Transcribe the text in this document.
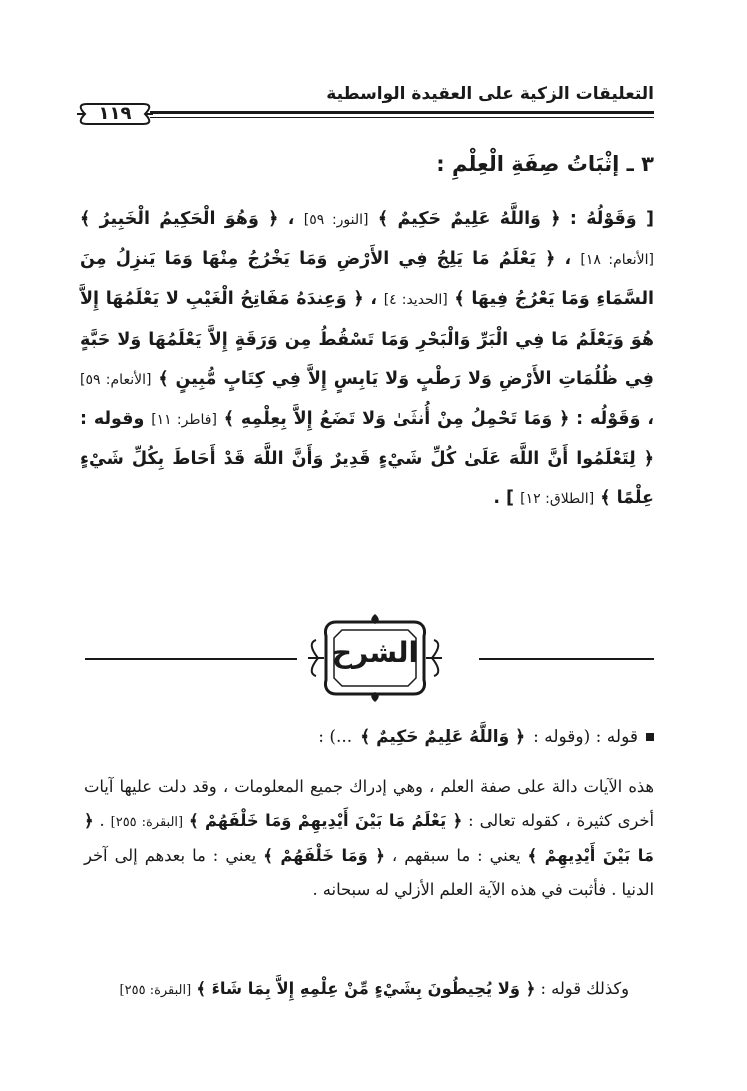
التعليقات الزكية على العقيدة الواسطية
١١٩
٣ ـ إثْبَاتُ صِفَةِ الْعِلْمِ :
[ وَقَوْلُهُ : ﴿ وَاللَّهُ عَلِيمٌ حَكِيمٌ ﴾ [النور: ٥٩] ، ﴿ وَهُوَ الْحَكِيمُ الْخَبِيرُ ﴾ [الأنعام: ١٨] ، ﴿ يَعْلَمُ مَا يَلِجُ فِي الأَرْضِ وَمَا يَخْرُجُ مِنْهَا وَمَا يَنزِلُ مِنَ السَّمَاءِ وَمَا يَعْرُجُ فِيهَا ﴾ [الحديد: ٤] ، ﴿ وَعِندَهُ مَفَاتِحُ الْغَيْبِ لا يَعْلَمُهَا إِلاَّ هُوَ وَيَعْلَمُ مَا فِي الْبَرِّ وَالْبَحْرِ وَمَا تَسْقُطُ مِن وَرَقَةٍ إِلاَّ يَعْلَمُهَا وَلا حَبَّةٍ فِي ظُلُمَاتِ الأَرْضِ وَلا رَطْبٍ وَلا يَابِسٍ إِلاَّ فِي كِتَابٍ مُّبِينٍ ﴾ [الأنعام: ٥٩] ، وَقَوْلُه : ﴿ وَمَا تَحْمِلُ مِنْ أُنثَىٰ وَلا تَضَعُ إِلاَّ بِعِلْمِهِ ﴾ [فاطر: ١١] وقوله : ﴿ لِتَعْلَمُوا أَنَّ اللَّهَ عَلَىٰ كُلِّ شَيْءٍ قَدِيرٌ وَأَنَّ اللَّهَ قَدْ أَحَاطَ بِكُلِّ شَيْءٍ عِلْمًا ﴾ [الطلاق: ١٢] ] .
الشرح
قوله : (وقوله :
﴿ وَاللَّهُ عَلِيمٌ حَكِيمٌ ﴾
...) :
هذه الآيات دالة على صفة العلم ، وهي إدراك جميع المعلومات ، وقد دلت عليها آيات أخرى كثيرة ، كقوله تعالى : ﴿ يَعْلَمُ مَا بَيْنَ أَيْدِيهِمْ وَمَا خَلْفَهُمْ ﴾ [البقرة: ٢٥٥] . ﴿ مَا بَيْنَ أَيْدِيهِمْ ﴾ يعني : ما سبقهم ، ﴿ وَمَا خَلْفَهُمْ ﴾ يعني : ما بعدهم إلى آخر الدنيا . فأثبت في هذه الآية العلم الأزلي له سبحانه .
وكذلك قوله : ﴿ وَلا يُحِيطُونَ بِشَيْءٍ مِّنْ عِلْمِهِ إِلاَّ بِمَا شَاءَ ﴾ [البقرة: ٢٥٥]
